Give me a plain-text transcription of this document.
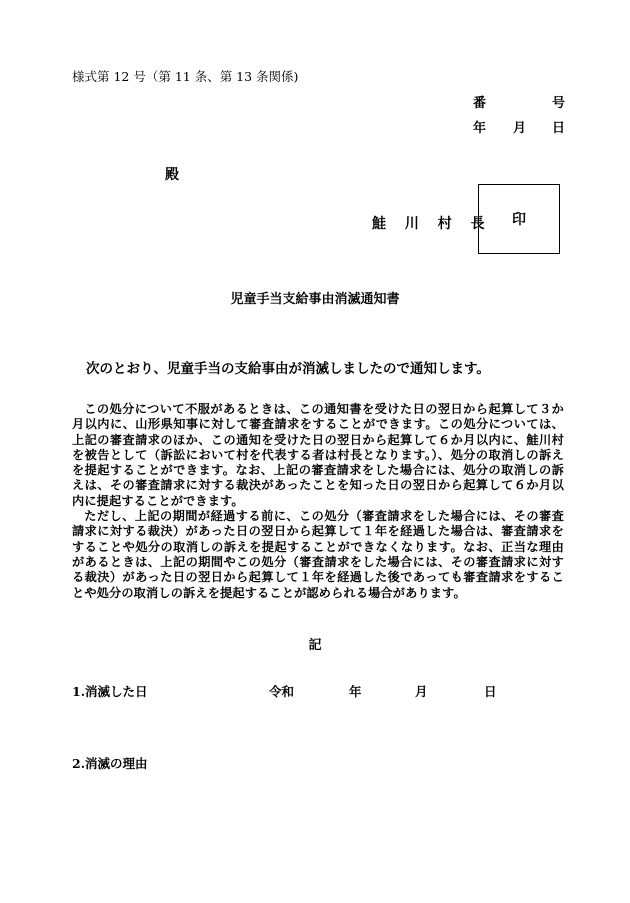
様式第 12 号（第 11 条、第 13 条関係)
番	号
年 月 日
殿
鮭 川 村 長 印
児童手当支給事由消滅通知書
次のとおり、児童手当の支給事由が消滅しましたので通知します。

この処分について不服があるときは、この通知書を受けた日の翌日から起算して３か月以内に、山形県知事に対して審査請求をすることができます。この処分については、上記の審査請求のほか、この通知を受けた日の翌日から起算して６か月以内に、鮭川村を被告として（訴訟において村を代表する者は村長となります。）、処分の取消しの訴えを提起することができます。なお、上記の審査請求をした場合には、処分の取消しの訴えは、その審査請求に対する裁決があったことを知った日の翌日から起算して６か月以内に提起することができます。

ただし、上記の期間が経過する前に、この処分（審査請求をした場合には、その審査請求に対する裁決）があった日の翌日から起算して１年を経過した場合は、審査請求をすることや処分の取消しの訴えを提起することができなくなります。なお、正当な理由があるときは、上記の期間やこの処分（審査請求をした場合には、その審査請求に対する裁決）があった日の翌日から起算して１年を経過した後であっても審査請求をすることや処分の取消しの訴えを提起することが認められる場合があります。

記
1.消滅した日	令和	年	月	日
2.消滅の理由
